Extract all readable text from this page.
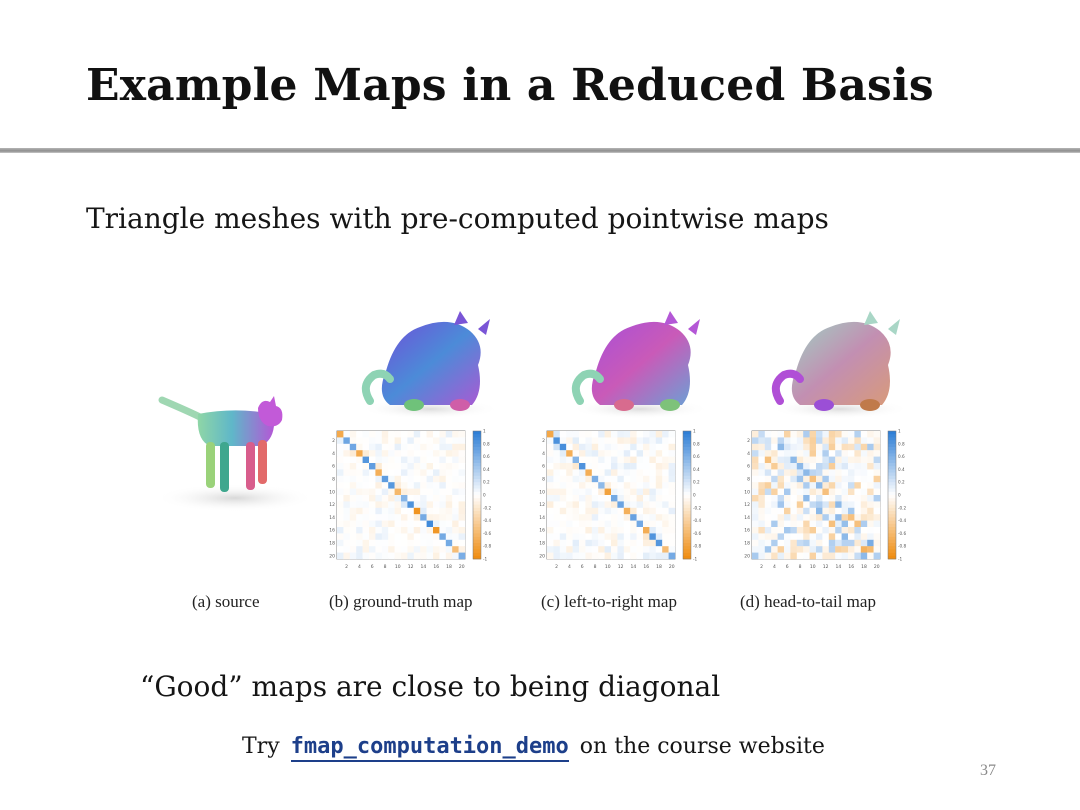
Example Maps in a Reduced Basis
Triangle meshes with pre-computed pointwise maps
(a) source
2
2
4
4
6
6
8
8
10
10
12
12
14
14
16
16
18
18
20
20
1
0.8
0.6
0.4
0.2
0
-0.2
-0.4
-0.6
-0.8
-1
(b) ground-truth map
2
2
4
4
6
6
8
8
10
10
12
12
14
14
16
16
18
18
20
20
1
0.8
0.6
0.4
0.2
0
-0.2
-0.4
-0.6
-0.8
-1
(c) left-to-right map
2
2
4
4
6
6
8
8
10
10
12
12
14
14
16
16
18
18
20
20
1
0.8
0.6
0.4
0.2
0
-0.2
-0.4
-0.6
-0.8
-1
(d) head-to-tail map
“Good” maps are close to being diagonal
Try fmap_computation_demo on the course website
37
